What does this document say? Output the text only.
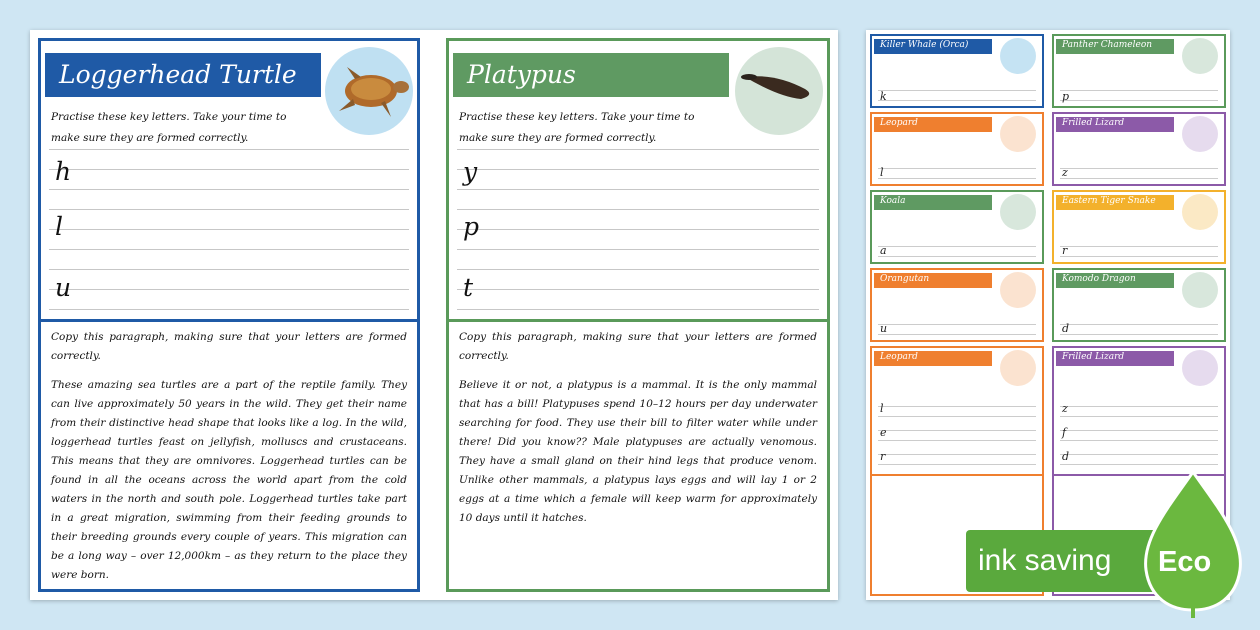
Loggerhead Turtle
Practise these key letters. Take your time to make sure they are formed correctly.
h
l
u
Copy this paragraph, making sure that your letters are formed correctly.
These amazing sea turtles are a part of the reptile family. They can live approximately 50 years in the wild. They get their name from their distinctive head shape that looks like a log. In the wild, loggerhead turtles feast on jellyfish, molluscs and crustaceans. This means that they are omnivores. Loggerhead turtles can be found in all the oceans across the world apart from the cold waters in the north and south pole. Loggerhead turtles take part in a great migration, swimming from their feeding grounds to their breeding grounds every couple of years. This migration can be a long way – over 12,000km – as they return to the place they were born.
Platypus
Practise these key letters. Take your time to make sure they are formed correctly.
y
p
t
Copy this paragraph, making sure that your letters are formed correctly.
Believe it or not, a platypus is a mammal. It is the only mammal that has a bill! Platypuses spend 10–12 hours per day underwater searching for food. They use their bill to filter water while under there! Did you know?? Male platypuses are actually venomous. They have a small gland on their hind legs that produce venom. Unlike other mammals, a platypus lays eggs and will lay 1 or 2 eggs at a time which a female will keep warm for approximately 10 days until it hatches.
Killer Whale (Orca)
k
Panther Chameleon
p
Leopard
l
Frilled Lizard
z
Koala
a
Eastern Tiger Snake
r
Orangutan
u
Komodo Dragon
d
Leopard
l
e
r
Frilled Lizard
z
f
d
ink saving Eco
